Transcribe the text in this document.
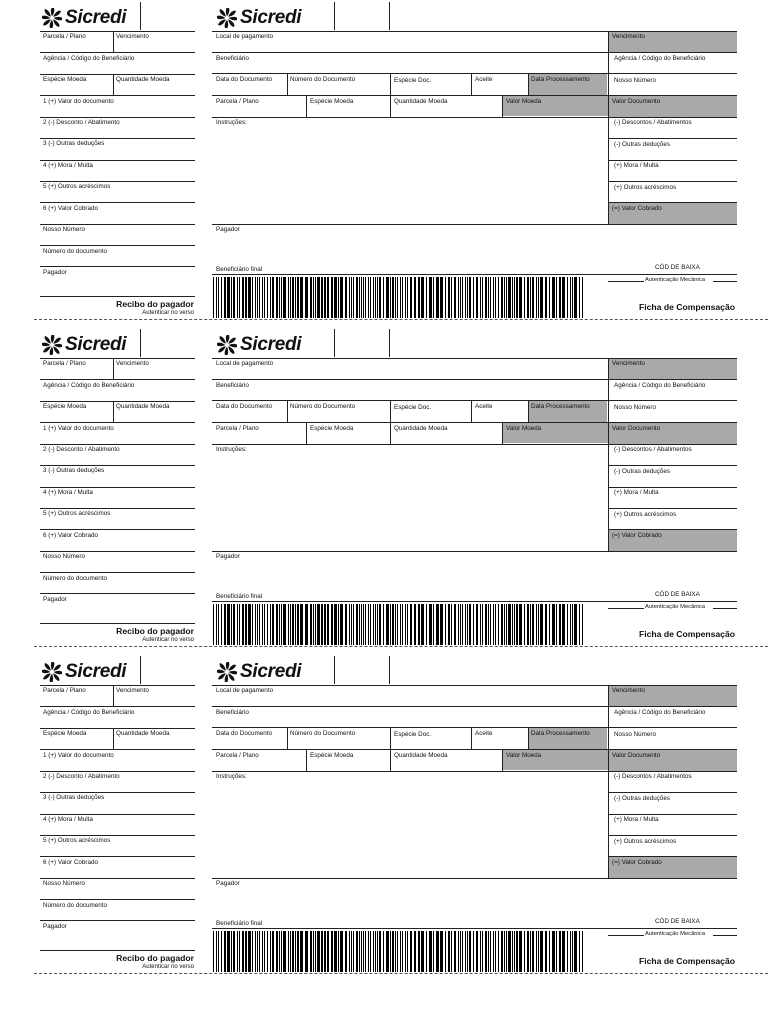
Sicredi
Parcela / Plano	Vencimento
Agência / Código do Beneficiário
Espécie Moeda	Quantidade Moeda
1 (+) Valor do documento
2 (-) Desconto / Abatimento
3 (-) Outras deduções
4 (+) Mora / Multa
5 (+) Outros acréscimos
6 (+) Valor Cobrado
Nosso Número
Número do documento
Pagador
Recibo do pagador
Autenticar no verso
Sicredi
Local de pagamento	Vencimento
Beneficiário	Agência / Código do Beneficiário
Data do Documento	Número do Documento	Espécie Doc.	Aceite	Data Processamento	Nosso Número
Parcela / Plano	Espécie Moeda	Quantidade Moeda	Valor Moeda	Valor Documento
Instruções:	(-) Descontos / Abatimentos
(-) Outras deduções
(+) Mora / Multa
(+) Outros acréscimos
(=) Valor Cobrado
Pagador
Beneficiário final	CÓD DE BAIXA
Autenticação Mecânica
Ficha de Compensação
Sicredi
Parcela / Plano	Vencimento
Agência / Código do Beneficiário
Espécie Moeda	Quantidade Moeda
1 (+) Valor do documento
2 (-) Desconto / Abatimento
3 (-) Outras deduções
4 (+) Mora / Multa
5 (+) Outros acréscimos
6 (+) Valor Cobrado
Nosso Número
Número do documento
Pagador
Recibo do pagador
Autenticar no verso
Sicredi
Local de pagamento	Vencimento
Beneficiário	Agência / Código do Beneficiário
Data do Documento	Número do Documento	Espécie Doc.	Aceite	Data Processamento	Nosso Número
Parcela / Plano	Espécie Moeda	Quantidade Moeda	Valor Moeda	Valor Documento
Instruções:	(-) Descontos / Abatimentos
(-) Outras deduções
(+) Mora / Multa
(+) Outros acréscimos
(=) Valor Cobrado
Pagador
Beneficiário final	CÓD DE BAIXA
Autenticação Mecânica
Ficha de Compensação
Sicredi
Parcela / Plano	Vencimento
Agência / Código do Beneficiário
Espécie Moeda	Quantidade Moeda
1 (+) Valor do documento
2 (-) Desconto / Abatimento
3 (-) Outras deduções
4 (+) Mora / Multa
5 (+) Outros acréscimos
6 (+) Valor Cobrado
Nosso Número
Número do documento
Pagador
Recibo do pagador
Autenticar no verso
Sicredi
Local de pagamento	Vencimento
Beneficiário	Agência / Código do Beneficiário
Data do Documento	Número do Documento	Espécie Doc.	Aceite	Data Processamento	Nosso Número
Parcela / Plano	Espécie Moeda	Quantidade Moeda	Valor Moeda	Valor Documento
Instruções:	(-) Descontos / Abatimentos
(-) Outras deduções
(+) Mora / Multa
(+) Outros acréscimos
(=) Valor Cobrado
Pagador
Beneficiário final	CÓD DE BAIXA
Autenticação Mecânica
Ficha de Compensação
